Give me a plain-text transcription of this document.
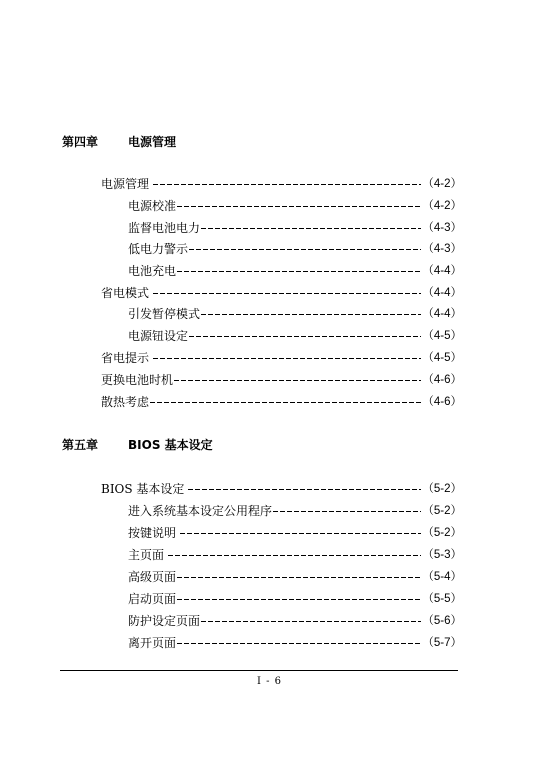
第四章 电源管理
电源管理	（4-2）
电源校准	（4-2）
监督电池电力	（4-3）
低电力警示	（4-3）
电池充电	（4-4）
省电模式	（4-4）
引发暂停模式	（4-4）
电源钮设定	（4-5）
省电提示	（4-5）
更换电池时机	（4-6）
散热考虑	（4-6）
第五章 BIOS 基本设定
BIOS 基本设定	（5-2）
进入系统基本设定公用程序	（5-2）
按键说明	（5-2）
主页面	（5-3）
高级页面	（5-4）
启动页面	（5-5）
防护设定页面	（5-6）
离开页面	（5-7）
I - 6
